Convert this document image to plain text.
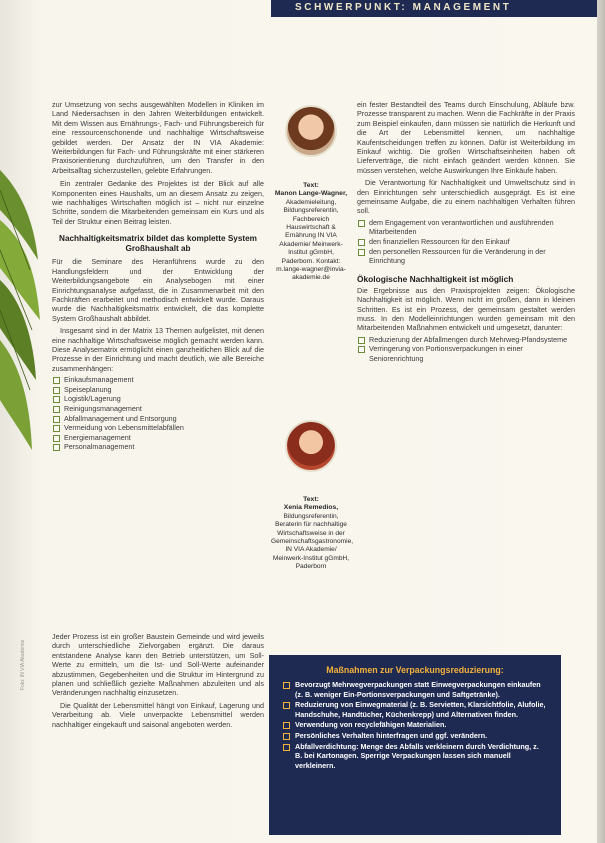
SCHWERPUNKT: MANAGEMENT

zur Umsetzung von sechs ausgewählten Modellen in Kliniken im Land Niedersachsen in den Jahren Weiterbildungen entwickelt. Mit dem Wissen aus Ernährungs-, Fach- und Führungsbereich für eine ressourcenschonende und nachhaltige Wirtschaftsweise gebildet werden. Der Ansatz der IN VIA Akademie: Weiterbildungen für Fach- und Führungskräfte mit einer stärkeren Praxisorientierung durchzuführen, um den Transfer in den Arbeitsalltag sicherzustellen, gelebte Erfahrungen.

Ein zentraler Gedanke des Projektes ist der Blick auf alle Komponenten eines Haushalts, um an diesem Ansatz zu zeigen, wie nachhaltiges Wirtschaften möglich ist – nicht nur einzelne Schritte, sondern die Mitarbeitenden gemeinsam ein Kurs und als Teil der Struktur einen Beitrag leisten.

Nachhaltigkeitsmatrix bildet das komplette System Großhaushalt ab

Für die Seminare des Heranführens wurde zu den Handlungsfeldern und der Entwicklung der Weiterbildungsangebote ein Analysebogen mit einer Einrichtungsanalyse aufgefasst, die in Zusammenarbeit mit den Fachkräften erarbeitet und methodisch entwickelt wurde. Daraus wurde die Nachhaltigkeitsmatrix entwickelt, die das komplette System Großhaushalt abbildet.

Insgesamt sind in der Matrix 13 Themen aufgelistet, mit denen eine nachhaltige Wirtschaftsweise möglich gemacht werden kann. Diese Analysematrix ermöglicht einen ganzheitlichen Blick auf die Prozesse in der Einrichtung und macht deutlich, wie alle Bereiche zusammenhängen:

Einkaufsmanagement
Speiseplanung
Logistik/Lagerung
Reinigungsmanagement
Abfallmanagement und Entsorgung
Vermeidung von Lebensmittelabfällen
Energiemanagement
Personalmanagement

Jeder Prozess ist ein großer Baustein Gemeinde und wird jeweils durch unterschiedliche Zielvorgaben ergänzt. Die daraus entstandene Analyse kann den Betrieb unterstützen, um Soll-Werte zu ermitteln, um die Ist- und Soll-Werte aufeinander abzustimmen, Gegebenheiten und die Struktur im Hintergrund zu planen und schließlich gezielte Maßnahmen abzuleiten und als Veränderungen nachhaltig einzusetzen.

Die Qualität der Lebensmittel hängt von Einkauf, Lagerung und Verarbeitung ab. Viele unverpackte Lebensmittel werden nachhaltiger eingekauft und saisonal angeboten werden.

Text:
Manon Lange-Wagner,
Akademieleitung, Bildungsreferentin, Fachbereich Hauswirtschaft & Ernährung IN VIA Akademie/ Meinwerk-Institut gGmbH, Paderborn. Kontakt: m.lange-wagner@invia-akademie.de
Text:
Xenia Remedios,
Bildungsreferentin, Beraterin für nachhaltige Wirtschaftsweise in der Gemeinschaftsgastronomie, IN VIA Akademie/ Meinwerk-Institut gGmbH, Paderborn

ein fester Bestandteil des Teams durch Einschulung, Abläufe bzw. Prozesse transparent zu machen. Wenn die Fachkräfte in der Praxis zum Beispiel einkaufen, dann müssen sie natürlich die Herkunft und die Art der Lebensmittel kennen, um nachhaltige Kaufentscheidungen treffen zu können. Dafür ist Weiterbildung im Einkauf wichtig. Die großen Wirtschaftseinheiten haben oft Lieferverträge, die nicht einfach geändert werden können. Sie müssen verstehen, welche Auswirkungen Ihre Einkäufe haben.

Die Verantwortung für Nachhaltigkeit und Umweltschutz sind in den Einrichtungen sehr unterschiedlich ausgeprägt. Es ist eine gemeinsame Aufgabe, die zu einem nachhaltigen Verhalten führen soll.

dem Engagement von verantwortlichen und ausführenden Mitarbeitenden
den finanziellen Ressourcen für den Einkauf
den personellen Ressourcen für die Veränderung in der Einrichtung
Ökologische Nachhaltigkeit ist möglich

Die Ergebnisse aus den Praxisprojekten zeigen: Ökologische Nachhaltigkeit ist möglich. Wenn nicht im großen, dann in kleinen Schritten. Es ist ein Prozess, der gemeinsam gestaltet werden muss. In den Modelleinrichtungen wurden gemeinsam mit den Mitarbeitenden Maßnahmen entwickelt und umgesetzt, darunter:

Reduzierung der Abfallmengen durch Mehrweg-Pfandsysteme
Verringerung von Portionsverpackungen in einer Seniorenrichtung
Maßnahmen zur Verpackungsreduzierung:
Bevorzugt Mehrwegverpackungen statt Einwegverpackungen einkaufen (z. B. weniger Ein-Portionsverpackungen und Saftgetränke).
Reduzierung von Einwegmaterial (z. B. Servietten, Klarsichtfolie, Alufolie, Handschuhe, Handtücher, Küchenkrepp) und Alternativen finden.
Verwendung von recyclefähigen Materialien.
Persönliches Verhalten hinterfragen und ggf. verändern.
Abfallverdichtung: Menge des Abfalls verkleinern durch Verdichtung, z. B. bei Kartonagen. Sperrige Verpackungen lassen sich manuell verkleinern.
Foto: IN VIA Akademie
